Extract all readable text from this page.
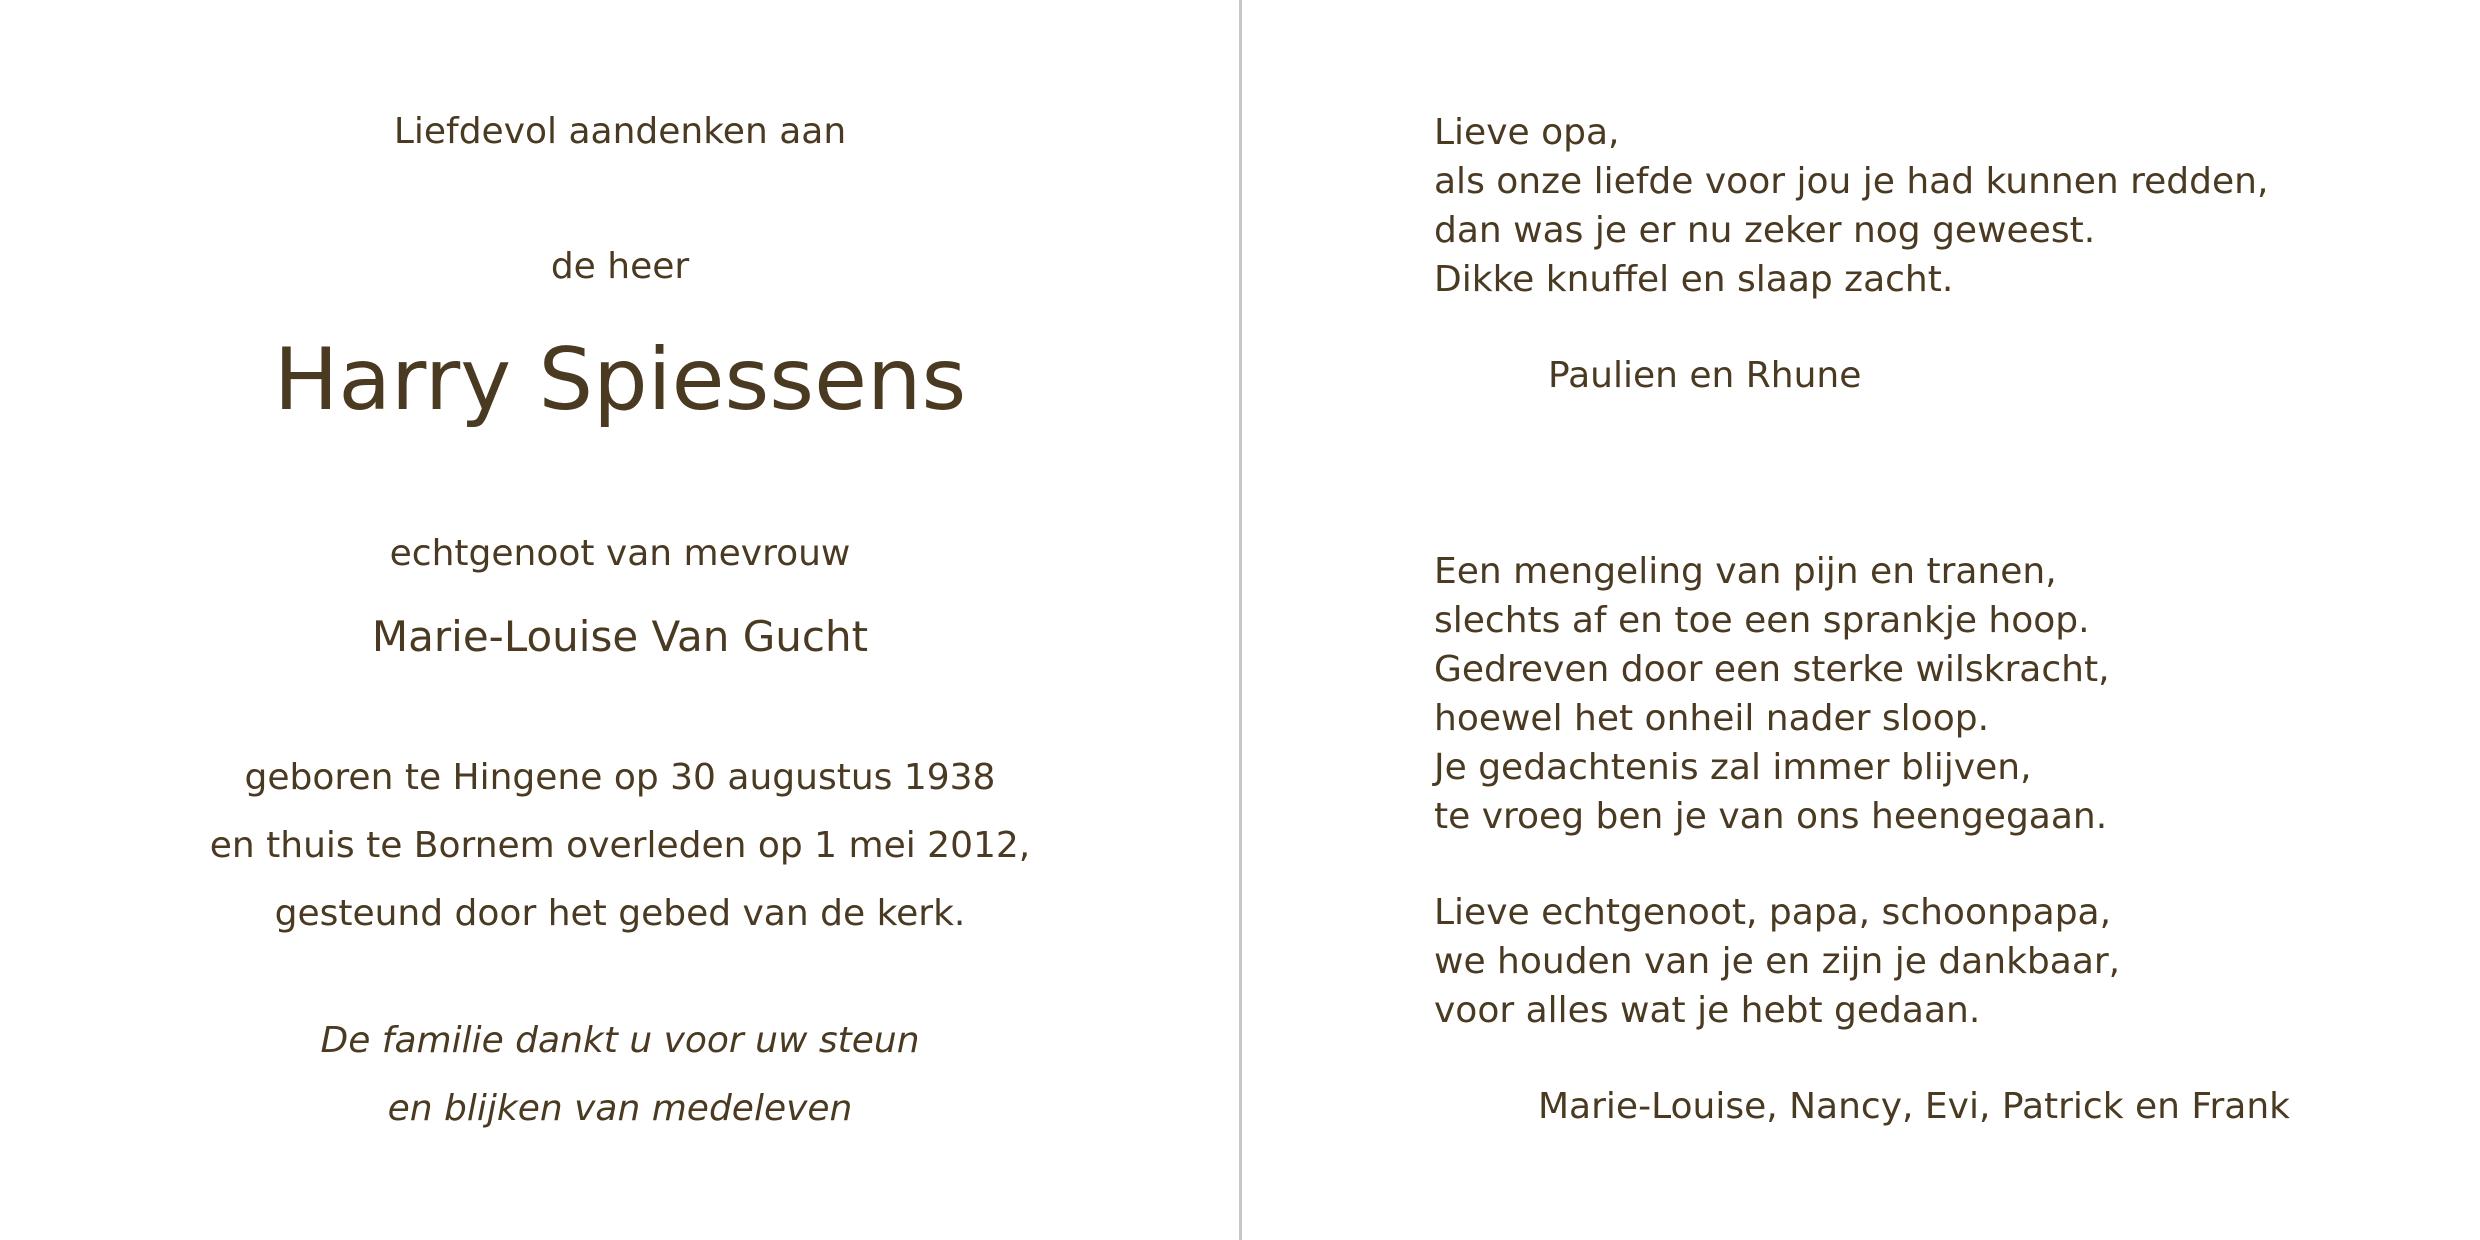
Liefdevol aandenken aan
de heer
Harry Spiessens
echtgenoot van mevrouw
Marie-Louise Van Gucht
geboren te Hingene op 30 augustus 1938
en thuis te Bornem overleden op 1 mei 2012,
gesteund door het gebed van de kerk.
De familie dankt u voor uw steun
en blijken van medeleven
Lieve opa,
als onze liefde voor jou je had kunnen redden,
dan was je er nu zeker nog geweest.
Dikke knuffel en slaap zacht.
Paulien en Rhune
Een mengeling van pijn en tranen,
slechts af en toe een sprankje hoop.
Gedreven door een sterke wilskracht,
hoewel het onheil nader sloop.
Je gedachtenis zal immer blijven,
te vroeg ben je van ons heengegaan.
Lieve echtgenoot, papa, schoonpapa,
we houden van je en zijn je dankbaar,
voor alles wat je hebt gedaan.
Marie-Louise, Nancy, Evi, Patrick en Frank
